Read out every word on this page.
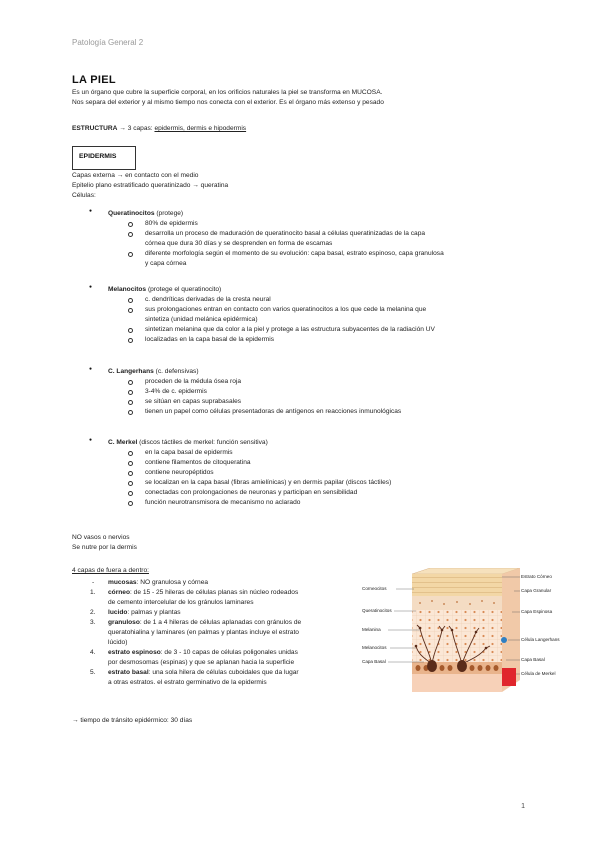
Patología General 2
LA PIEL
Es un órgano que cubre la superficie corporal, en los orificios naturales la piel se transforma en MUCOSA.
Nos separa del exterior y al mismo tiempo nos conecta con el exterior. Es el órgano más extenso y pesado
ESTRUCTURA → 3 capas: epidermis, dermis e hipodermis
EPIDERMIS
Capas externa → en contacto con el medio
Epitelio plano estratificado queratinizado → queratina
Células:
● Queratinocitos (protege)
80% de epidermis
desarrolla un proceso de maduración de queratinocito basal a células queratinizadas de la capa
córnea que dura 30 días y se desprenden en forma de escamas
diferente morfología según el momento de su evolución: capa basal, estrato espinoso, capa granulosa
y capa córnea
● Melanocitos (protege el queratinocito)
c. dendríticas derivadas de la cresta neural
sus prolongaciones entran en contacto con varios queratinocitos a los que cede la melanina que
sintetiza (unidad melánica epidérmica)
sintetizan melanina que da color a la piel y protege a las estructura subyacentes de la radiación UV
localizadas en la capa basal de la epidermis
● C. Langerhans (c. defensivas)
proceden de la médula ósea roja
3-4% de c. epidermis
se sitúan en capas suprabasales
tienen un papel como células presentadoras de antígenos en reacciones inmunológicas
● C. Merkel (discos táctiles de merkel: función sensitiva)
en la capa basal de epidermis
contiene filamentos de citoqueratina
contiene neuropéptidos
se localizan en la capa basal (fibras amielínicas) y en dermis papilar (discos táctiles)
conectadas con prolongaciones de neuronas y participan en sensibilidad
función neurotransmisora de mecanismo no aclarado
NO vasos o nervios
Se nutre por la dermis
4 capas de fuera a dentro:
- mucosas: NO granulosa y córnea
1. córneo: de 15 - 25 hileras de células planas sin núcleo rodeados
de cemento intercelular de los gránulos laminares
2. lucido: palmas y plantas
3. granuloso: de 1 a 4 hileras de células aplanadas con gránulos de
queratohialina y laminares (en palmas y plantas incluye el estrato
lúcido)
4. estrato espinoso: de 3 - 10 capas de células poligonales unidas
por desmosomas (espinas) y que se aplanan hacia la superficie
5. estrato basal: una sola hilera de células cuboidales que da lugar
a otras estratos. el estrato germinativo de la epidermis
→ tiempo de tránsito epidérmico: 30 días
Corneocitos
Queratinocitos
Melanina
Melanocitos
Capa Basal
Estrato Córneo
Capa Granular
Capa Espinosa
Célula Langerhans
Capa Basal
Célula de Merkel
1
